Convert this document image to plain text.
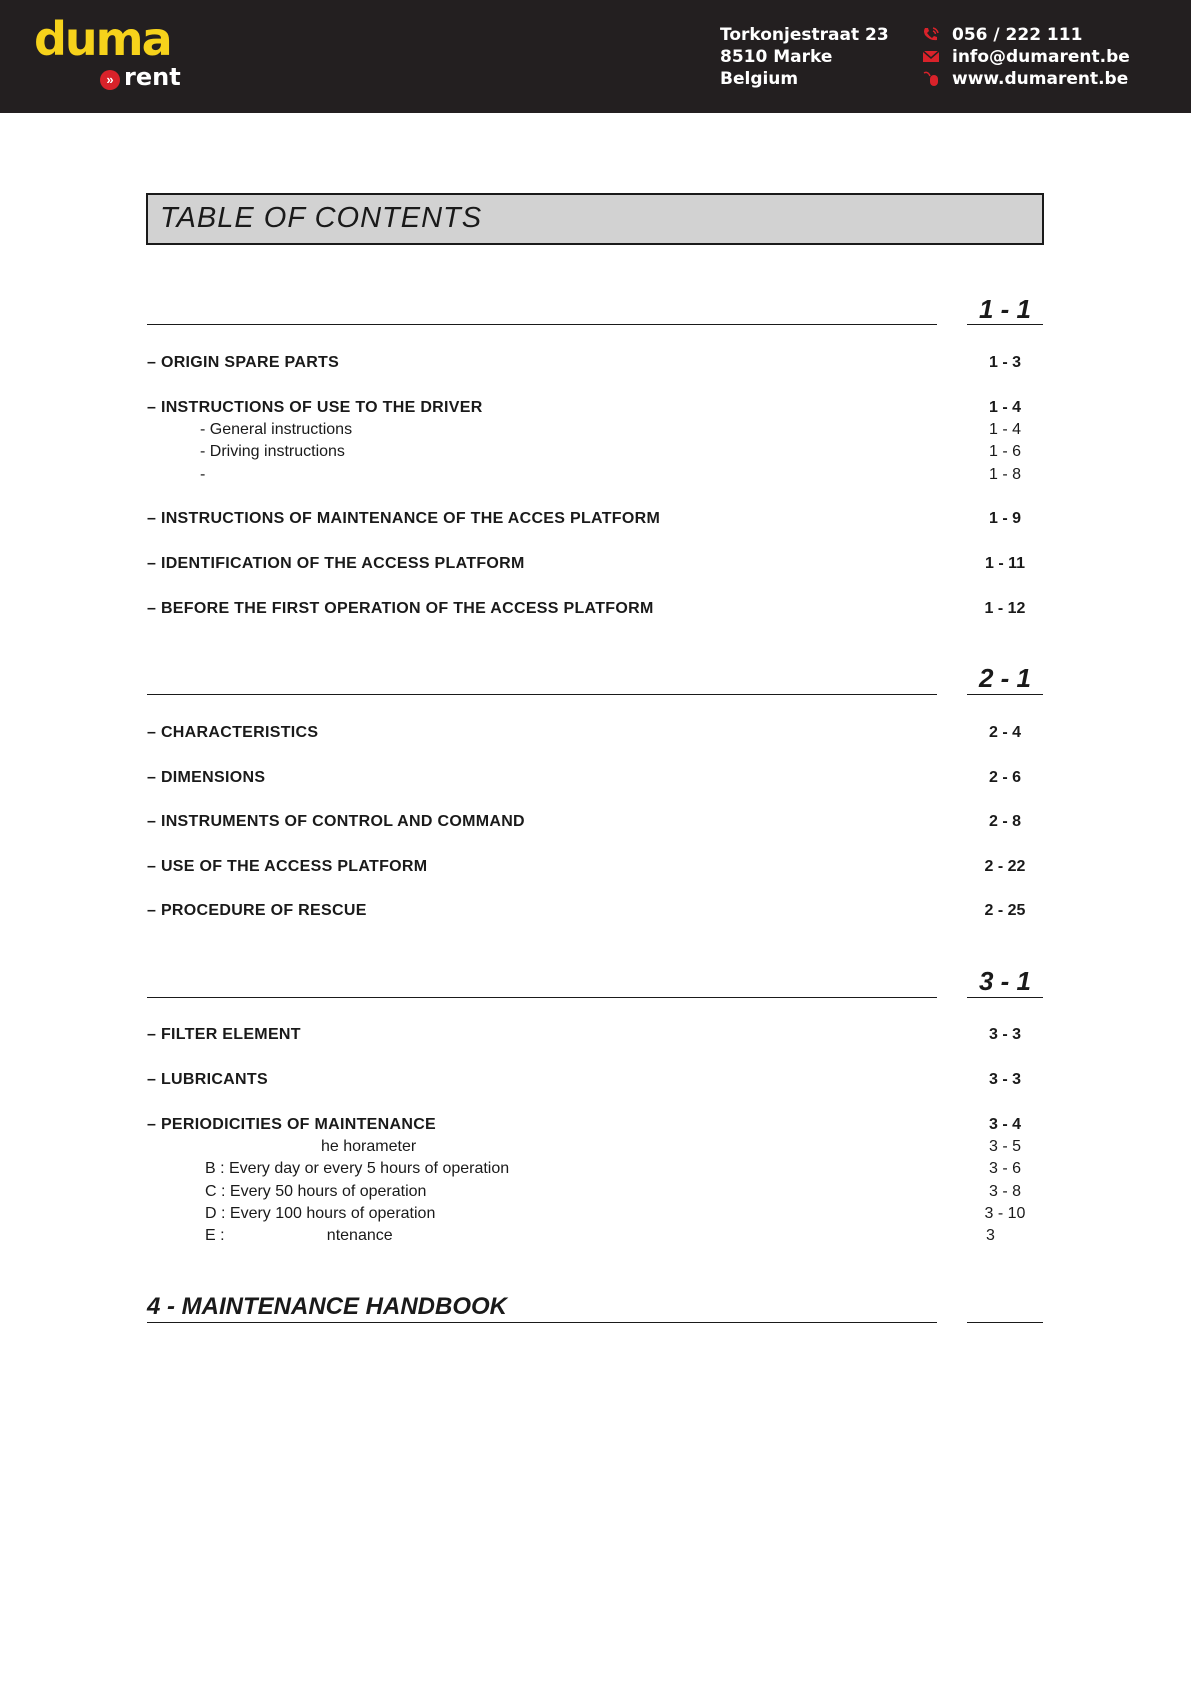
duma
» rent
Torkonjestraat 23
8510 Marke
Belgium
056 / 222 111
info@dumarent.be
www.dumarent.be
TABLE OF CONTENTS
1 - 1
– ORIGIN SPARE PARTS	1 - 3
– INSTRUCTIONS OF USE TO THE DRIVER	1 - 4
- General instructions	1 - 4
- Driving instructions	1 - 6
-	1 - 8
– INSTRUCTIONS OF MAINTENANCE OF THE ACCES PLATFORM	1 - 9
– IDENTIFICATION OF THE ACCESS PLATFORM	1 - 11
– BEFORE THE FIRST OPERATION OF THE ACCESS PLATFORM	1 - 12
2 - 1
– CHARACTERISTICS	2 - 4
– DIMENSIONS	2 - 6
– INSTRUMENTS OF CONTROL AND COMMAND	2 - 8
– USE OF THE ACCESS PLATFORM	2 - 22
– PROCEDURE OF RESCUE	2 - 25
3 - 1
– FILTER ELEMENT	3 - 3
– LUBRICANTS	3 - 3
– PERIODICITIES OF MAINTENANCE	3 - 4
he horameter	3 - 5
B : Every day or every 5 hours of operation	3 - 6
C : Every 50 hours of operation	3 - 8
D : Every 100 hours of operation	3 - 10
E :                       ntenance	3
4 - MAINTENANCE HANDBOOK
